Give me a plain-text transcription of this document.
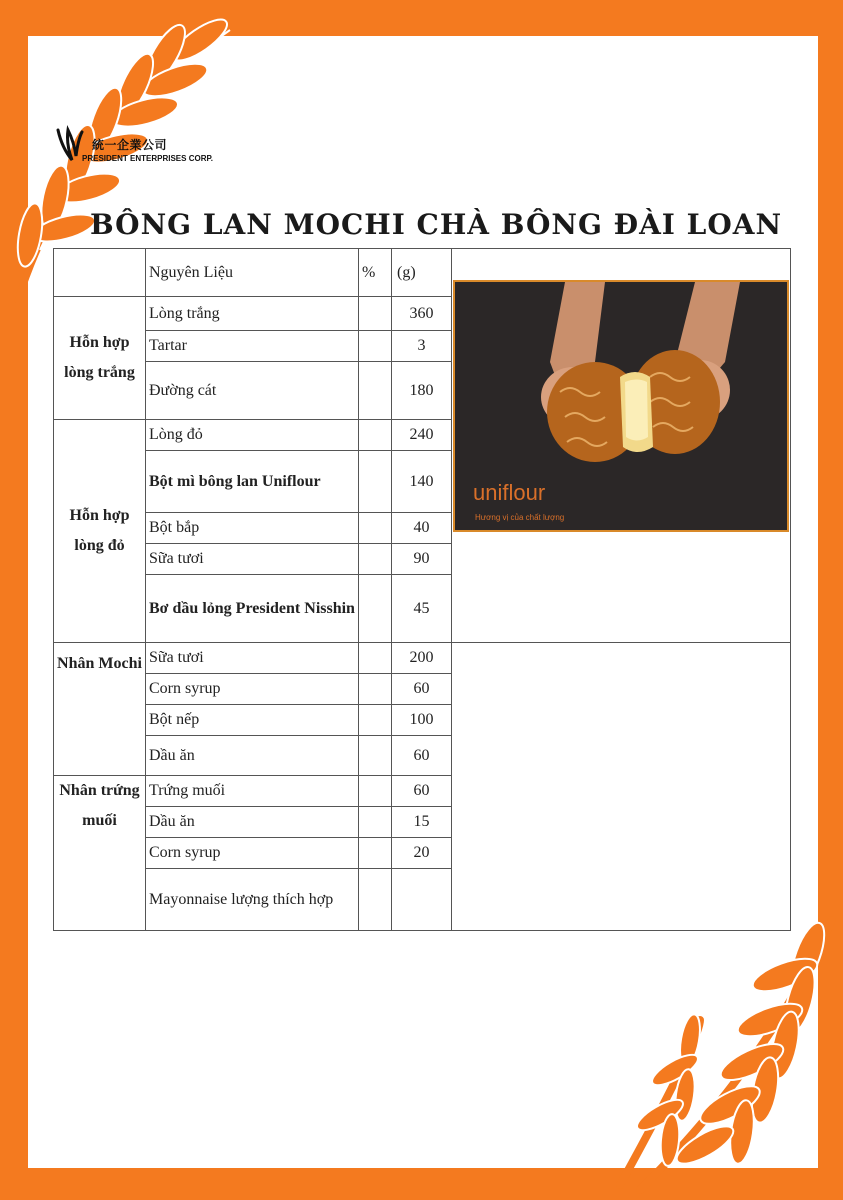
統一企業公司
PRESIDENT ENTERPRISES CORP.
BÔNG LAN MOCHI CHÀ BÔNG ĐÀI LOAN
	Nguyên Liệu	%	(g)	uniflour
Hương vị của chất lượng

Hỗn hợp lòng trắng	Lòng trắng		360	
	Tartar		3	
	Đường cát		180	
Hỗn hợp lòng đỏ	Lòng đỏ		240	
	Bột mì bông lan Uniflour		140	
	Bột bắp		40	
	Sữa tươi		90	
	Bơ dầu lỏng President Nisshin		45	
Nhân Mochi	Sữa tươi		200	
	Corn syrup		60	
	Bột nếp		100	
	Dầu ăn		60	
Nhân trứng muối	Trứng muối		60	
	Dầu ăn		15	
	Corn syrup		20	
	Mayonnaise lượng thích hợp			
